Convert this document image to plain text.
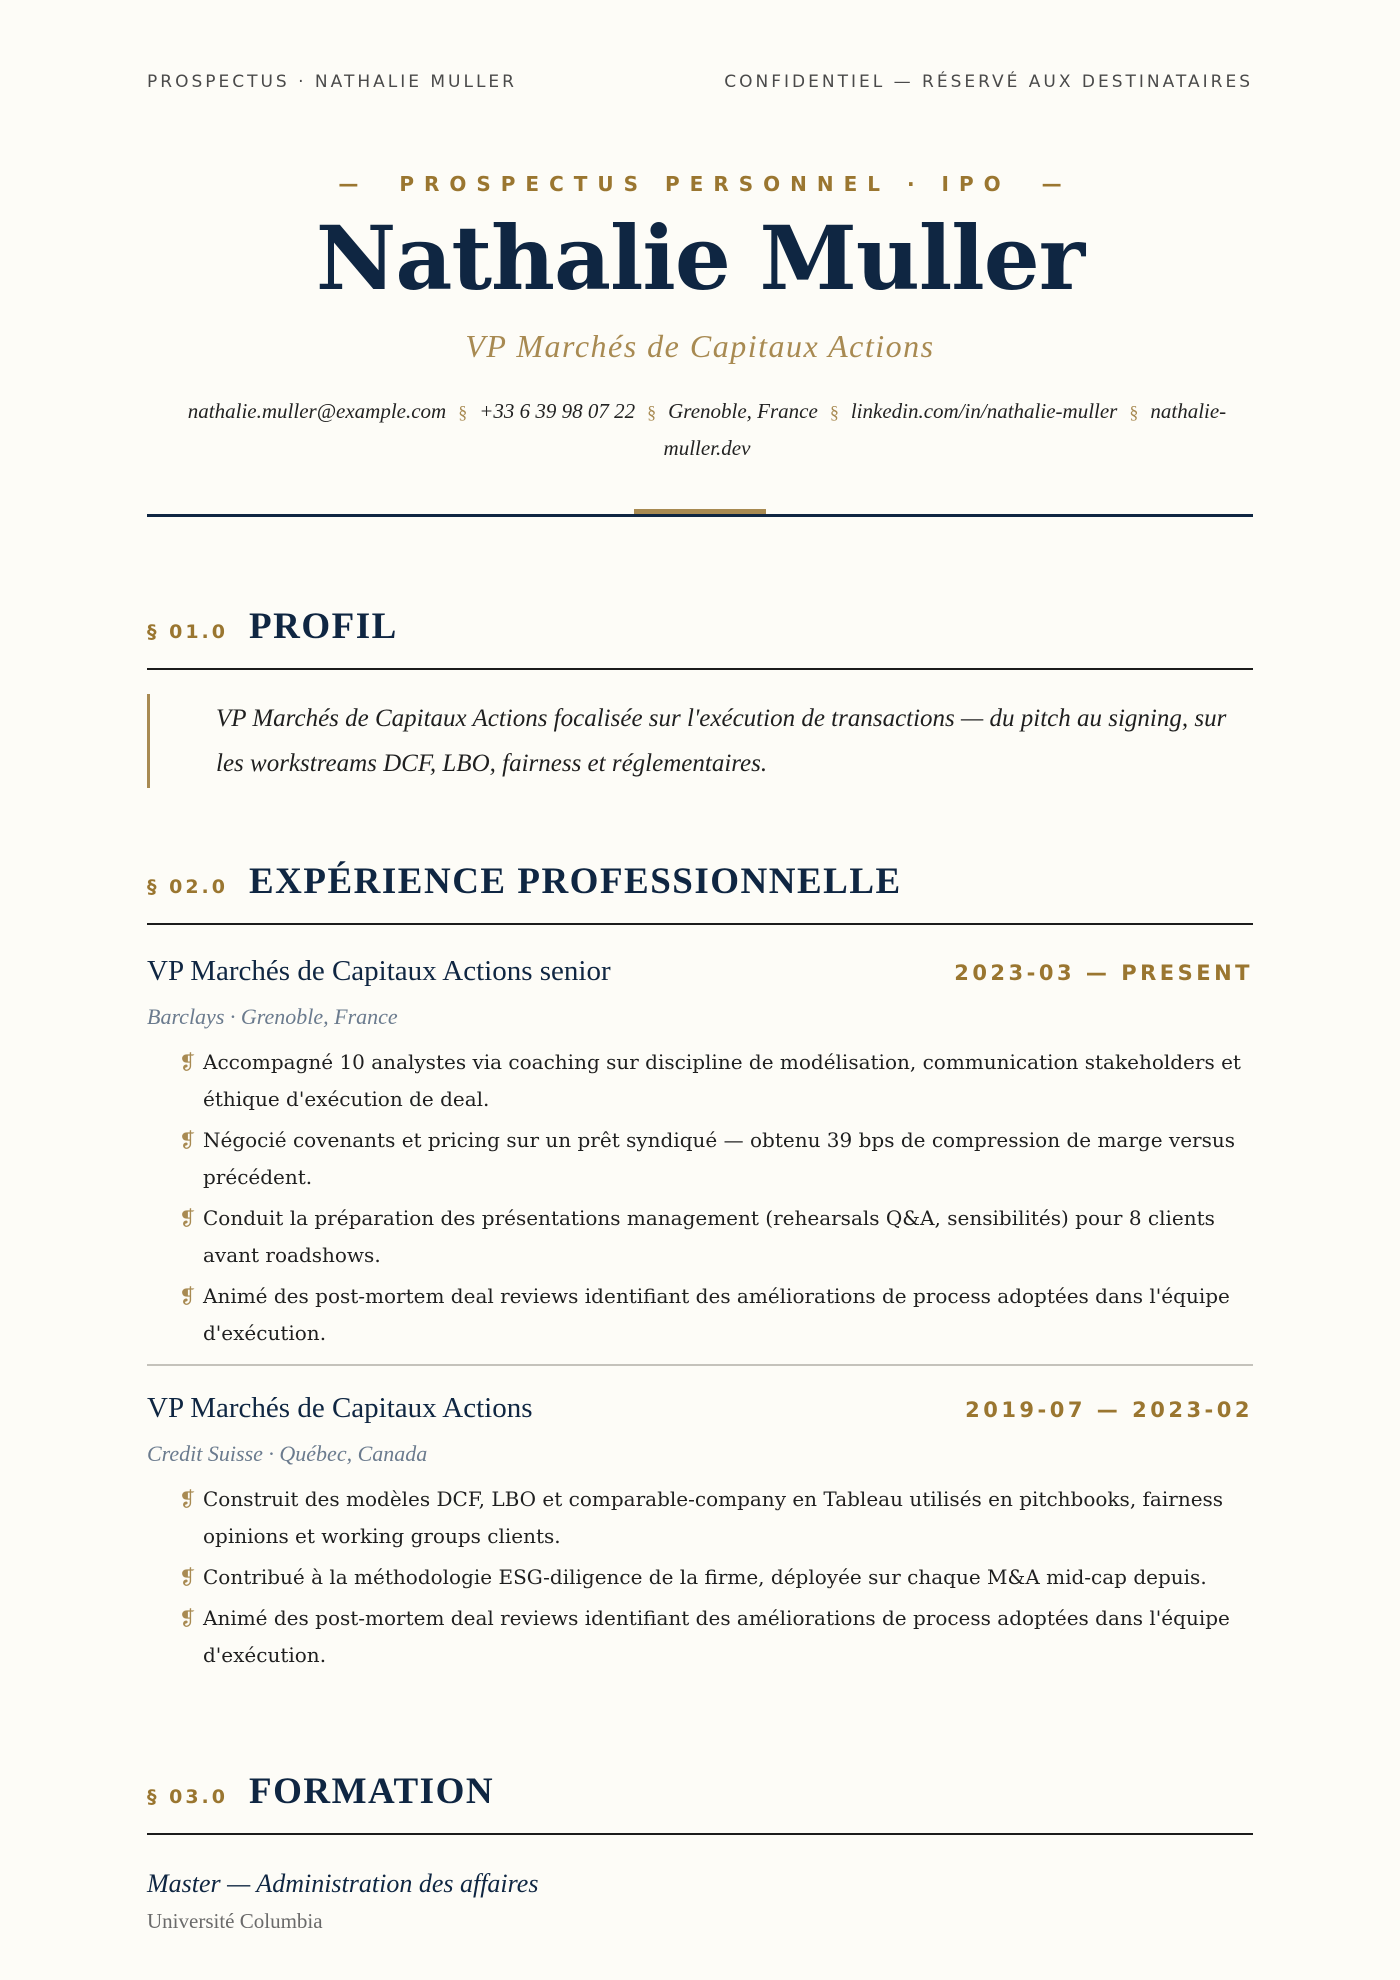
PROSPECTUS · NATHALIE MULLER	CONFIDENTIEL — RÉSERVÉ AUX DESTINATAIRES
— PROSPECTUS PERSONNEL · IPO —
Nathalie Muller
VP Marchés de Capitaux Actions
nathalie.muller@example.com § +33 6 39 98 07 22 § Grenoble, France § linkedin.com/in/nathalie-muller § nathalie-muller.dev
§ 01.0 PROFIL

VP Marchés de Capitaux Actions focalisée sur l'exécution de transactions — du pitch au signing, sur les workstreams DCF, LBO, fairness et réglementaires.

§ 02.0 EXPÉRIENCE PROFESSIONNELLE
VP Marchés de Capitaux Actions senior	2023-03 — PRESENT
Barclays · Grenoble, France
❡ Accompagné 10 analystes via coaching sur discipline de modélisation, communication stakeholders et éthique d'exécution de deal.
❡ Négocié covenants et pricing sur un prêt syndiqué — obtenu 39 bps de compression de marge versus précédent.
❡ Conduit la préparation des présentations management (rehearsals Q&A, sensibilités) pour 8 clients avant roadshows.
❡ Animé des post-mortem deal reviews identifiant des améliorations de process adoptées dans l'équipe d'exécution.
VP Marchés de Capitaux Actions	2019-07 — 2023-02
Credit Suisse · Québec, Canada
❡ Construit des modèles DCF, LBO et comparable-company en Tableau utilisés en pitchbooks, fairness opinions et working groups clients.
❡ Contribué à la méthodologie ESG-diligence de la firme, déployée sur chaque M&A mid-cap depuis.
❡ Animé des post-mortem deal reviews identifiant des améliorations de process adoptées dans l'équipe d'exécution.
§ 03.0 FORMATION
Master — Administration des affaires
Université Columbia
